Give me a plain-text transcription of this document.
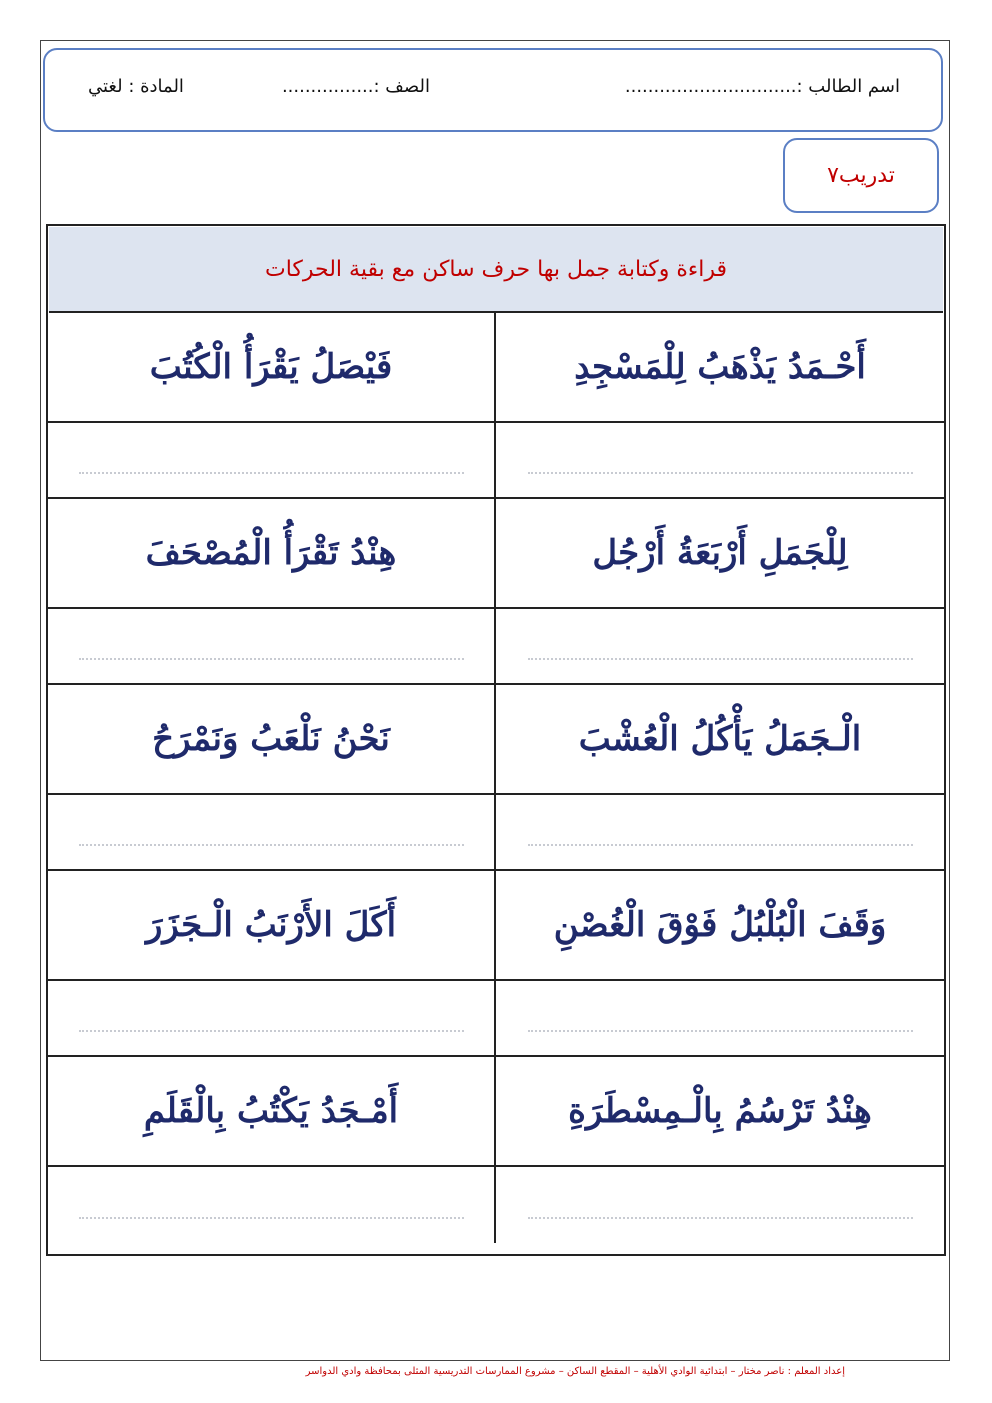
اسم الطالب :..............................
الصف :................
المادة : لغتي
تدريب٧
قراءة وكتابة جمل بها حرف ساكن مع بقية الحركات
أَحْـمَدُ يَذْهَبُ لِلْمَسْجِدِ
فَيْصَلُ يَقْرَأُ الْكُتُبَ
لِلْجَمَلِ أَرْبَعَةُ أَرْجُل
هِنْدُ تَقْرَأُ الْمُصْحَفَ
الْـجَمَلُ يَأْكُلُ الْعُشْبَ
نَحْنُ نَلْعَبُ وَنَمْرَحُ
وَقَفَ الْبُلْبُلُ فَوْقَ الْغُصْنِ
أَكَلَ الأَرْنَبُ الْـجَزَرَ
هِنْدُ تَرْسُمُ بِالْـمِسْطَرَةِ
أَمْـجَدُ يَكْتُبُ بِالْقَلَمِ
إعداد المعلم : ناصر مختار – ابتدائية الوادي الأهلية – المقطع الساكن – مشروع الممارسات التدريسية المثلى بمحافظة وادي الدواسر
